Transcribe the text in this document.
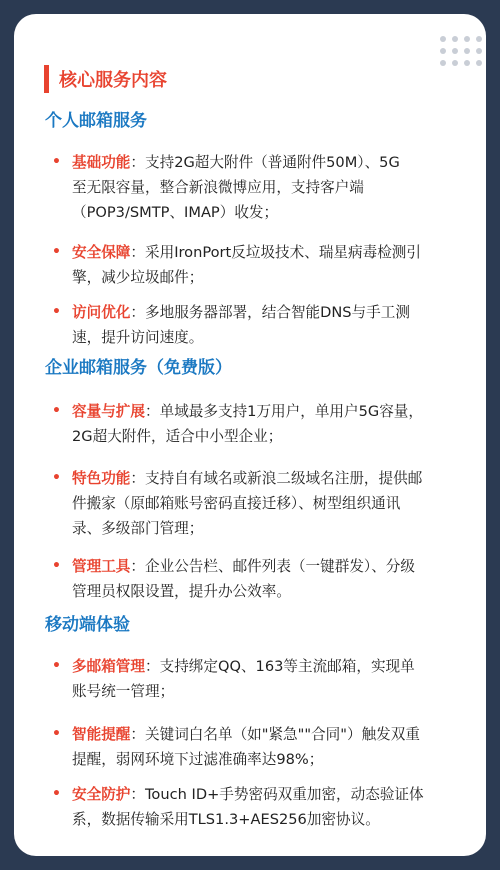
核心服务内容
个人邮箱服务
• 基础功能：支持2G超大附件（普通附件50M）、5G
至无限容量，整合新浪微博应用，支持客户端
（POP3/SMTP、IMAP）收发；
• 安全保障：采用IronPort反垃圾技术、瑞星病毒检测引
擎，减少垃圾邮件；
• 访问优化：多地服务器部署，结合智能DNS与手工测
速，提升访问速度。
企业邮箱服务（免费版）
• 容量与扩展：单域最多支持1万用户，单用户5G容量，
2G超大附件，适合中小型企业；
• 特色功能：支持自有域名或新浪二级域名注册，提供邮
件搬家（原邮箱账号密码直接迁移）、树型组织通讯
录、多级部门管理；
• 管理工具：企业公告栏、邮件列表（一键群发）、分级
管理员权限设置，提升办公效率。
移动端体验
• 多邮箱管理：支持绑定QQ、163等主流邮箱，实现单
账号统一管理；
• 智能提醒：关键词白名单（如"紧急""合同"）触发双重
提醒，弱网环境下过滤准确率达98%；
• 安全防护：Touch ID+手势密码双重加密，动态验证体
系，数据传输采用TLS1.3+AES256加密协议。
